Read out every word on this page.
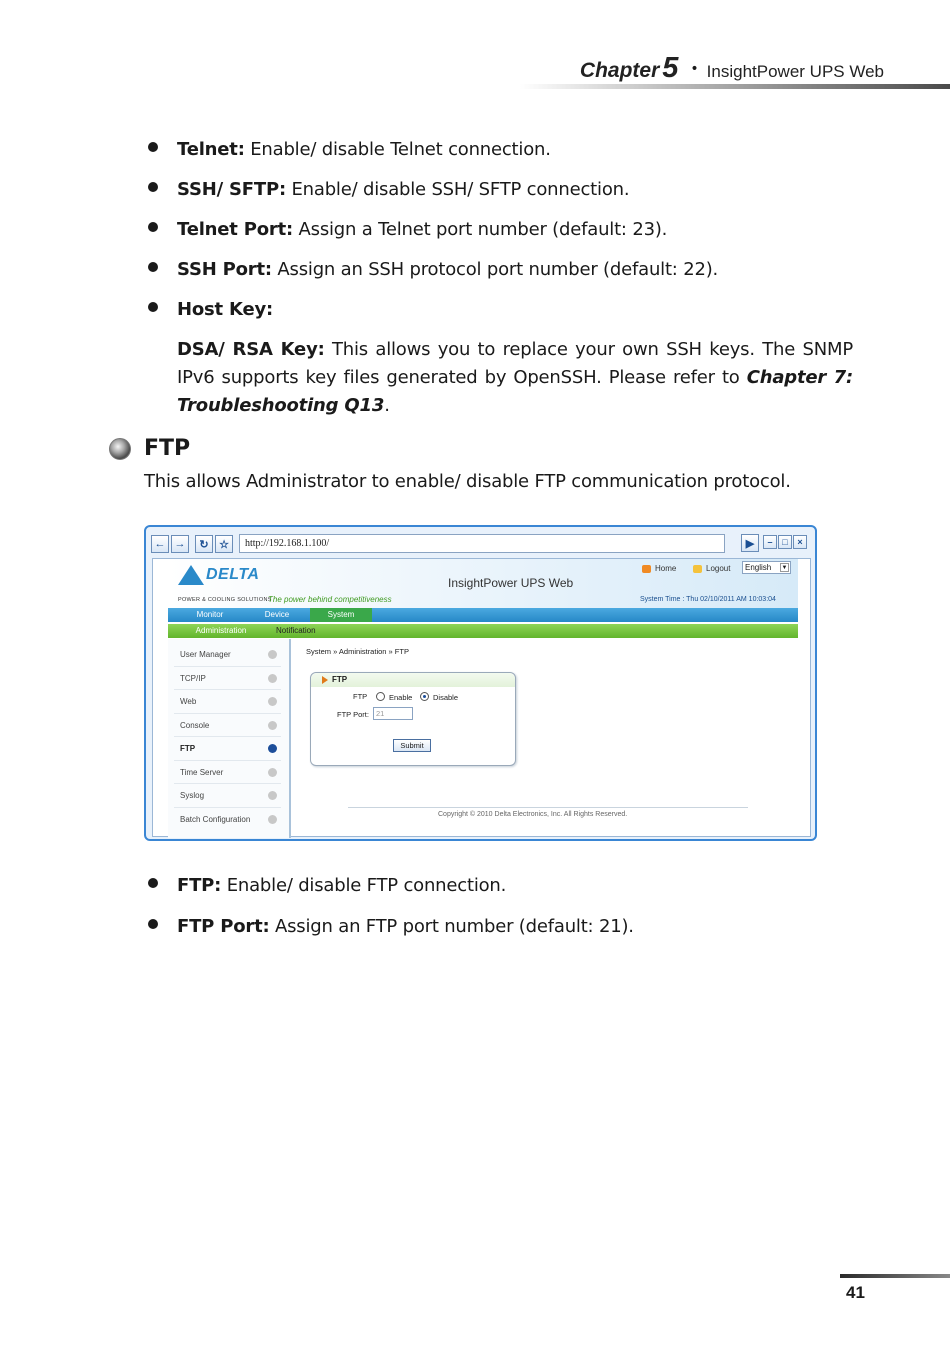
Chapter 5 • InsightPower UPS Web
Telnet: Enable/ disable Telnet connection.
SSH/ SFTP: Enable/ disable SSH/ SFTP connection.
Telnet Port: Assign a Telnet port number (default: 23).
SSH Port: Assign an SSH protocol port number (default: 22).
Host Key:

DSA/ RSA Key: This allows you to replace your own SSH keys. The SNMP IPv6 supports key files generated by OpenSSH. Please refer to Chapter 7: Troubleshooting Q13.

FTP
This allows Administrator to enable/ disable FTP communication protocol.
← →	↻ ☆	http://192.168.1.100/	▶	–	□	×
DELTA
POWER & COOLING SOLUTIONS
The power behind competitiveness
InsightPower UPS Web
Home	Logout	English ▼
System Time : Thu 02/10/2011 AM 10:03:04
Monitor	Device	System
Administration	Notification
User Manager
TCP/IP
Web
Console
FTP
Time Server
Syslog
Batch Configuration
System » Administration » FTP
FTP
FTP	Enable	Disable
FTP Port: 21
Submit
Copyright © 2010 Delta Electronics, Inc. All Rights Reserved.
FTP: Enable/ disable FTP connection.
FTP Port: Assign an FTP port number (default: 21).
41
